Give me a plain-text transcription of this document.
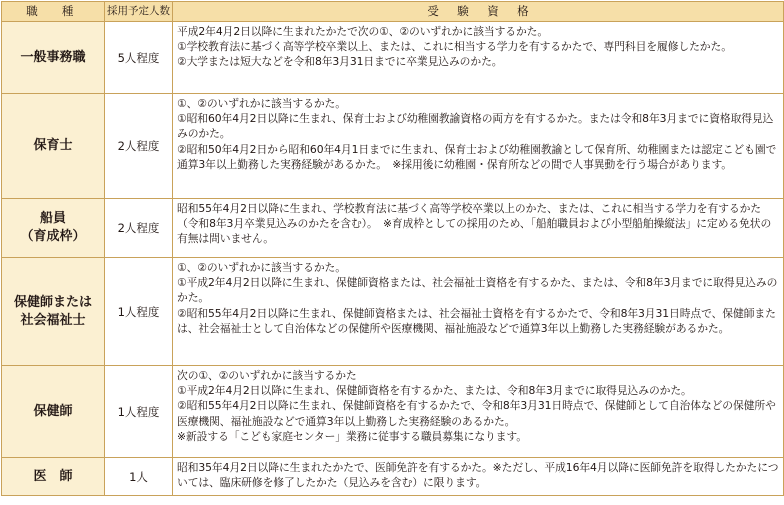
職　種	採用予定人数	受験資格

一般事務職	5人程度	平成2年4月2日以降に生まれたかたで次の①、②のいずれかに該当するかた。
①学校教育法に基づく高等学校卒業以上、または、これに相当する学力を有するかたで、専門科目を履修したかた。
②大学または短大などを令和8年3月31日までに卒業見込みのかた。

保育士	2人程度	①、②のいずれかに該当するかた。
①昭和60年4月2日以降に生まれ、保育士および幼稚園教諭資格の両方を有するかた。または令和8年3月までに資格取得見込みのかた。
②昭和50年4月2日から昭和60年4月1日までに生まれ、保育士および幼稚園教諭として保育所、幼稚園または認定こども園で通算3年以上勤務した実務経験があるかた。　※採用後に幼稚園・保育所などの間で人事異動を行う場合があります。

船員
（育成枠）	2人程度	昭和55年4月2日以降に生まれ、学校教育法に基づく高等学校卒業以上のかた、または、これに相当する学力を有するかた（令和8年3月卒業見込みのかたを含む）。　※育成枠としての採用のため、「船舶職員および小型船舶操縦法」に定める免状の有無は問いません。

保健師または
社会福祉士	1人程度	①、②のいずれかに該当するかた。
①平成2年4月2日以降に生まれ、保健師資格または、社会福祉士資格を有するかた、または、令和8年3月までに取得見込みのかた。
②昭和55年4月2日以降に生まれ、保健師資格または、社会福祉士資格を有するかたで、令和8年3月31日時点で、保健師または、社会福祉士として自治体などの保健所や医療機関、福祉施設などで通算3年以上勤務した実務経験があるかた。

保健師	1人程度	次の①、②のいずれかに該当するかた
①平成2年4月2日以降に生まれ、保健師資格を有するかた、または、令和8年3月までに取得見込みのかた。
②昭和55年4月2日以降に生まれ、保健師資格を有するかたで、令和8年3月31日時点で、保健師として自治体などの保健所や医療機関、福祉施設などで通算3年以上勤務した実務経験のあるかた。
※新設する「こども家庭センター」業務に従事する職員募集になります。

医　師	1人	昭和35年4月2日以降に生まれたかたで、医師免許を有するかた。※ただし、平成16年4月以降に医師免許を取得したかたについては、臨床研修を修了したかた（見込みを含む）に限ります。
